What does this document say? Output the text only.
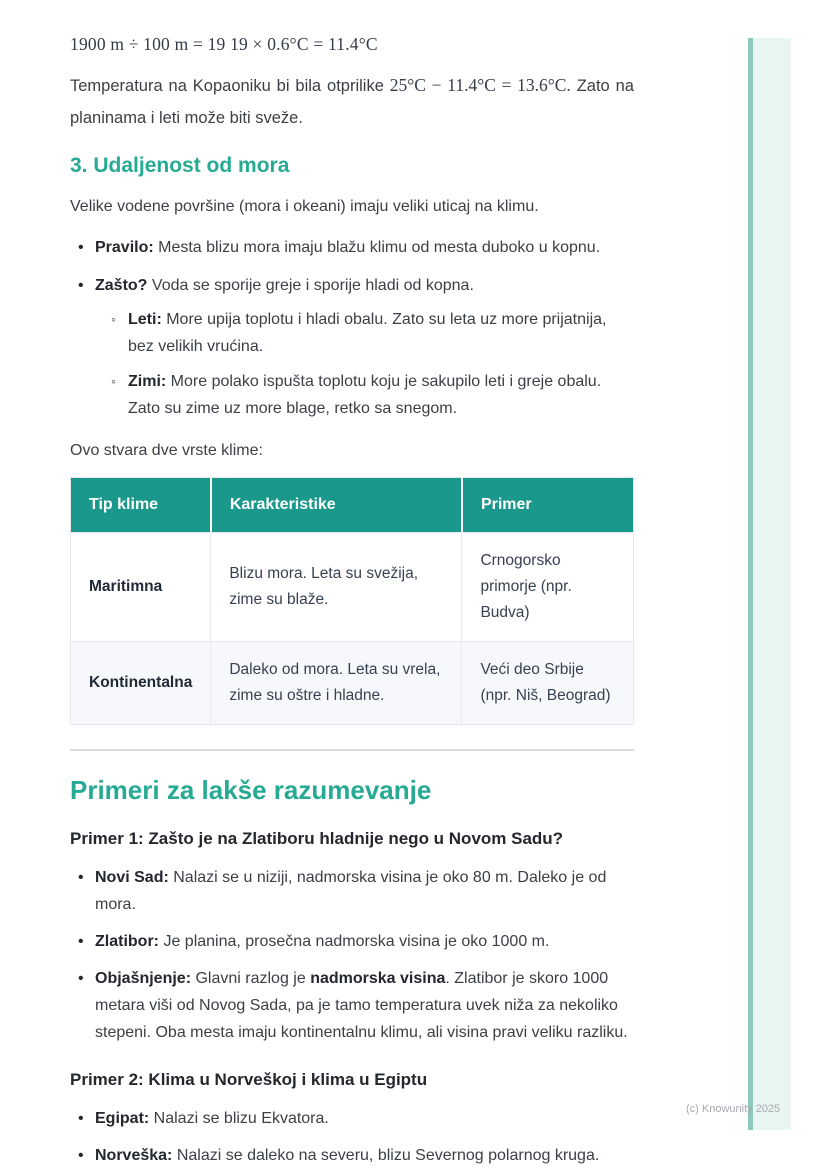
1900 m ÷ 100 m = 19 19 × 0.6°C = 11.4°C

Temperatura na Kopaoniku bi bila otprilike 25°C − 11.4°C = 13.6°C. Zato na planinama i leti može biti sveže.

3. Udaljenost od mora

Velike vodene površine (mora i okeani) imaju veliki uticaj na klimu.

• Pravilo: Mesta blizu mora imaju blažu klimu od mesta duboko u kopnu.
• Zašto? Voda se sporije greje i sporije hladi od kopna.
◦ Leti: More upija toplotu i hladi obalu. Zato su leta uz more prijatnija, bez velikih vrućina.
◦ Zimi: More polako ispušta toplotu koju je sakupilo leti i greje obalu. Zato su zime uz more blage, retko sa snegom.

Ovo stvara dve vrste klime:

Tip klime	Karakteristike	Primer
Maritimna	Blizu mora. Leta su svežija, zime su blaže.	Crnogorsko primorje (npr. Budva)
Kontinentalna	Daleko od mora. Leta su vrela, zime su oštre i hladne.	Veći deo Srbije (npr. Niš, Beograd)
Primeri za lakše razumevanje
Primer 1: Zašto je na Zlatiboru hladnije nego u Novom Sadu?
• Novi Sad: Nalazi se u niziji, nadmorska visina je oko 80 m. Daleko je od mora.
• Zlatibor: Je planina, prosečna nadmorska visina je oko 1000 m.
• Objašnjenje: Glavni razlog je nadmorska visina. Zlatibor je skoro 1000 metara viši od Novog Sada, pa je tamo temperatura uvek niža za nekoliko stepeni. Oba mesta imaju kontinentalnu klimu, ali visina pravi veliku razliku.
Primer 2: Klima u Norveškoj i klima u Egiptu
• Egipat: Nalazi se blizu Ekvatora.
• Norveška: Nalazi se daleko na severu, blizu Severnog polarnog kruga.
(c) Knowunity 2025
